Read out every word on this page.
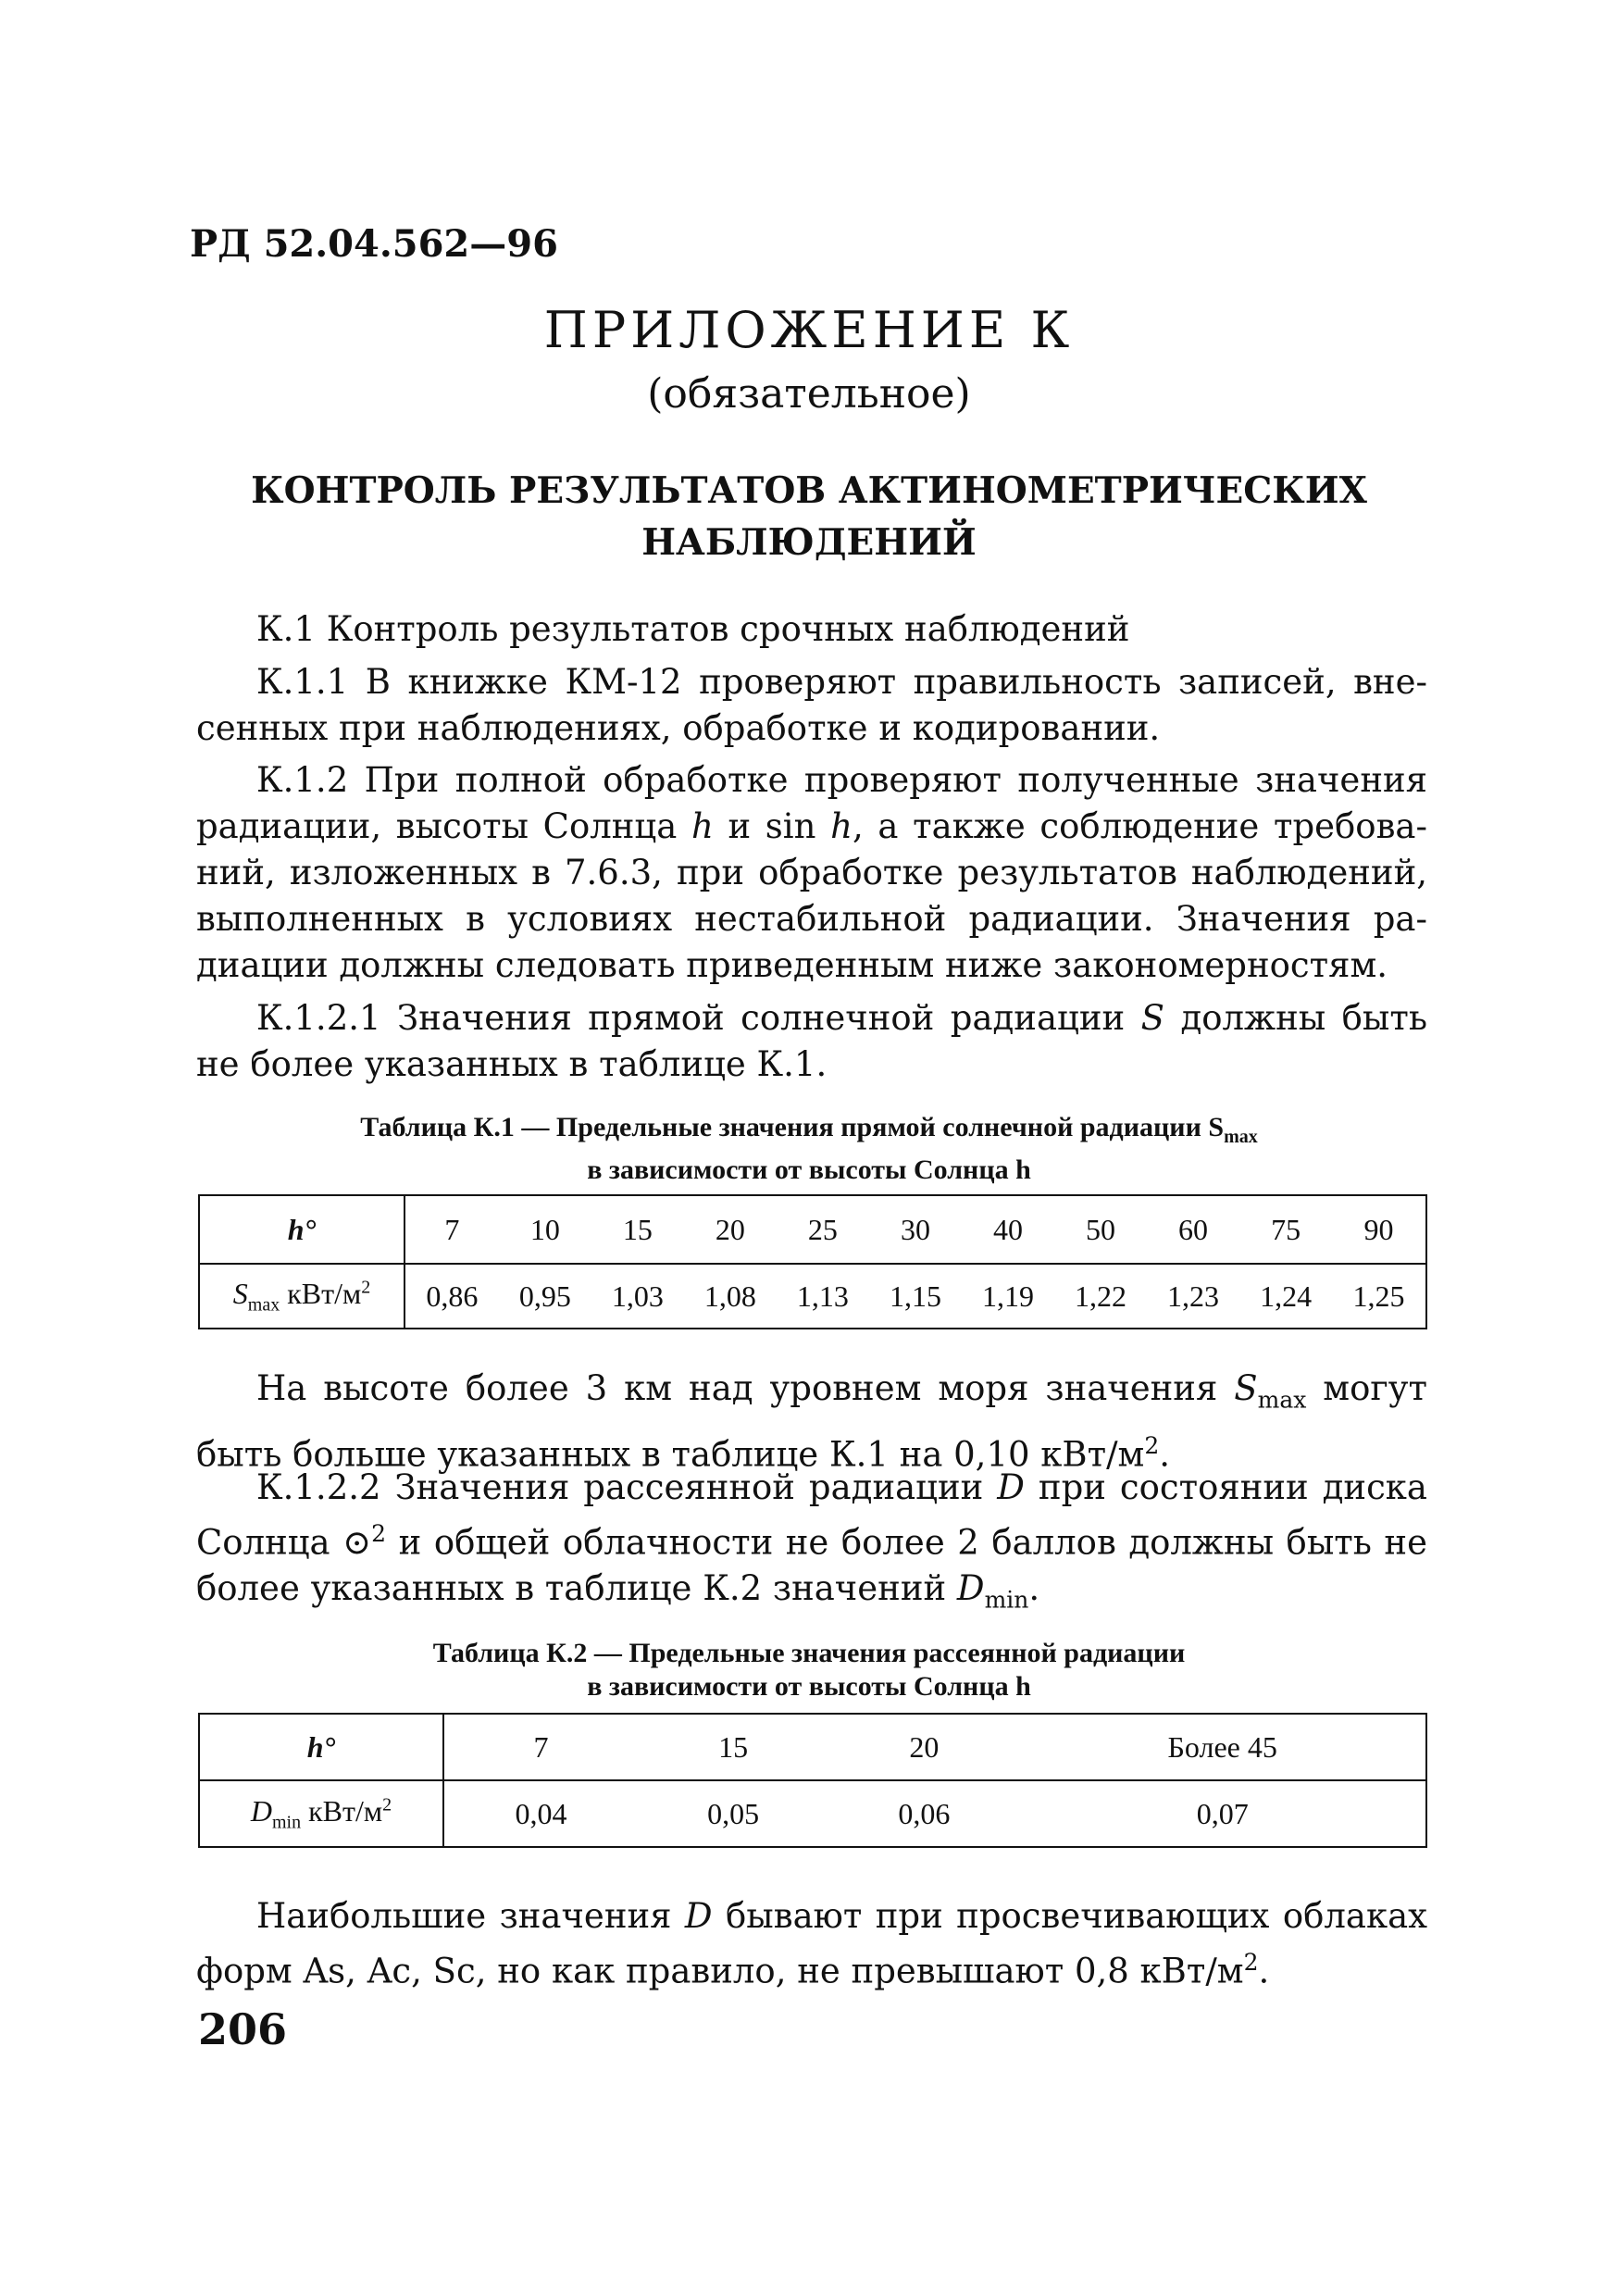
РД 52.04.562—96
ПРИЛОЖЕНИЕ К
(обязательное)
КОНТРОЛЬ РЕЗУЛЬТАТОВ АКТИНОМЕТРИЧЕСКИХ
НАБЛЮДЕНИЙ
К.1 Контроль результатов срочных наблюдений
К.1.1 В книжке КМ-12 проверяют правильность записей, внесенных при наблюдениях, обработке и кодировании.
К.1.2 При полной обработке проверяют полученные значения радиации, высоты Солнца h и sin h, а также соблюдение требований, изложенных в 7.6.3, при обработке результатов наблюдений, выполненных в условиях нестабильной радиации. Значения радиации должны следовать приведенным ниже закономерностям.
К.1.2.1 Значения прямой солнечной радиации S должны быть не более указанных в таблице К.1.
Таблица К.1 — Предельные значения прямой солнечной радиации $S_{max}$
в зависимости от высоты Солнца h
h°	7	10	15	20	25	30	40	50	60	75	90
$S_{max}$ кВт/$м^2$	0,86	0,95	1,03	1,08	1,13	1,15	1,19	1,22	1,23	1,24	1,25
На высоте более 3 км над уровнем моря значения $S_{max}$ могут быть больше указанных в таблице К.1 на 0,10 кВт/$м^2$.
К.1.2.2 Значения рассеянной радиации D при состоянии диска Солнца ⊙$^2$ и общей облачности не более 2 баллов должны быть не более указанных в таблице К.2 значений $D_{min}$.
Таблица К.2 — Предельные значения рассеянной радиации
в зависимости от высоты Солнца h
h°	7	15	20	Более 45
$D_{min}$ кВт/$м^2$	0,04	0,05	0,06	0,07
Наибольшие значения D бывают при просвечивающих облаках форм As, Ac, Sc, но как правило, не превышают 0,8 кВт/$м^2$.
206
